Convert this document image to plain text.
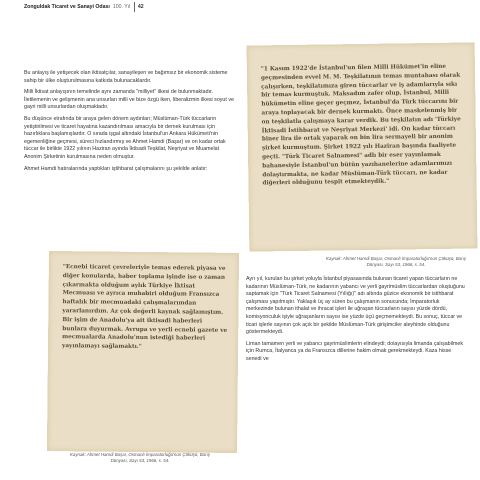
Zonguldak Ticaret ve Sanayi Odası 100. Yıl 42

Bu anlayış ile yetişecek olan iktisatçılar, sanayileşen ve bağımsız bir ekonomik sisteme sahip bir ülke oluşturulmasına katkıda bulunacaklardır.

Milli İktisat anlayışının temelinde aynı zamanda "milliyet" ilkesi de bulunmaktadır. İletilemenin ve gelişmenin ana unsurları milli ve bize özgü iken, liberalizmin ilkesi soyut ve gayri milli unsurlardan oluşmaktadır.

Bu düşünce etrafında bir araya gelen dönem aydınları; Müslüman-Türk tüccarların yetiştirilmesi ve ticaret hayatına kazandırılması amacıyla bir dernek kurulması için hazırlıklara başlamışlardır. O sırada işgal altındaki İstanbul'un Ankara Hükümeti'nin egemenliğine geçmesi, süreci hızlandırmış ve Ahmet Hamdi (Başar) ve on kadar ortak tüccar ile birlikte 1922 yılının Haziran ayında İktisadi Teşkilat, Neşriyat ve Muamelat Anonim Şirketinin kurulmasına neden olmuştur.

Ahmet Hamdi hatıralarında yaptıkları iştihbarat çalışmalarını şu şekilde anlatır:

"1 Kasım 1922'de İstanbul'un filen Milli Hükümet'in eline geçmesinden evvel M. M. Teşkilatının temas muntahası olarak çalışırken, teşkilatımıza giren tüccarlar ve iş adamlarıyla sıkı bir temas kurmuştuk. Maksadım zafer olup, İstanbul, Milli hükümetin eline geçer geçmez, İstanbul'da Türk tüccarını bir araya toplayacak bir dernek kurmaktı. Önce maskelenmiş bir on teşkilatla çalışmaya karar verdik. Bu teşkilatın adı 'Türkiye İktisadi İstihbarat ve Neşriyat Merkezi' idi. On kadar tüccarı biner lira ile ortak yaparak on bin lira sermayeli bir anonim şirket kurmuştum. Şirket 1922 yılı Haziran başında faaliyete geçti. "Türk Ticaret Salnamesi" adlı bir eser yayınlamak bahanesiyle İstanbul'un bütün yazıhanelerine adamlarımızı dolaştırmakta, ne kadar Müslüman-Türk tüccarı, ne kadar diğerleri olduğunu tespit etmekteydik."
Kaynak: Ahmet Hamdi Başar, Osmanlı İmparatorluğu'nun Çöküşü, Barış Dünyası, Sayı 53, 1966, s. 54.
"Ecnebi ticaret çevreleriyle temas ederek piyasa ve diğer konularda, haber toplama işinde ise o zaman çıkarmakta olduğum aylık Türkiye İktisat Mecmuası ve ayrıca muhabiri olduğum Fransızca haftalık bir mecmuadaki çalışmalarımdan yararlanırdım. Az çok değerli kaynak sağlamıştım. Bir işim de Anadolu'ya ait iktisadi haberleri bunlara duyurmak. Avrupa ve yerli ecnebi gazete ve mecmualarda Anadolu'nun istediği haberleri yayınlamayı sağlamaktı."
Kaynak: Ahmet Hamdi Başar, Osmanlı İmparatorluğu'nun Çöküşü, Barış Dünyası, Sayı 53, 1966, s. 54.

Ayrı yıl, kurulan bu şirket yoluyla İstanbul piyasasında bulunan ticaret yapan tüccarların ne kadarının Müslüman-Türk, ne kadarının yabancı ve yerli gayrimüslim tüccarlardan oluştuğunu saptamak için "Türk Ticaret Salnamesi (Yıllığı)" adı altında güzice ekonomik bir istihbarat çalışması yapılmıştır. Yaklaşık üç ay süren bu çalışmanın sonucunda; İmparatorluk merkezinde bulunan ithalat ve ihracat işleri ile uğraşan tüccarların sayısı yüzde dördü, komisyonculuk işiyle uğraşanların sayısı ise yüzde üçü geçmemekteydi. Bu sonuç, tüccar ve ticari işlerle sayının çok açık bir şekilde Müslüman-Türk girişimciler aleyhinde olduğunu göstermekteydi.

Liman tamamen yerli ve yabancı gayrimüslimlerin elindeydi; dolayısıyla limanda çalışabilmek için Rumca, İtalyanca ya da Fransızca dillerine hakim olmak gerekmekteydi. Kaza hisse senedi ve
